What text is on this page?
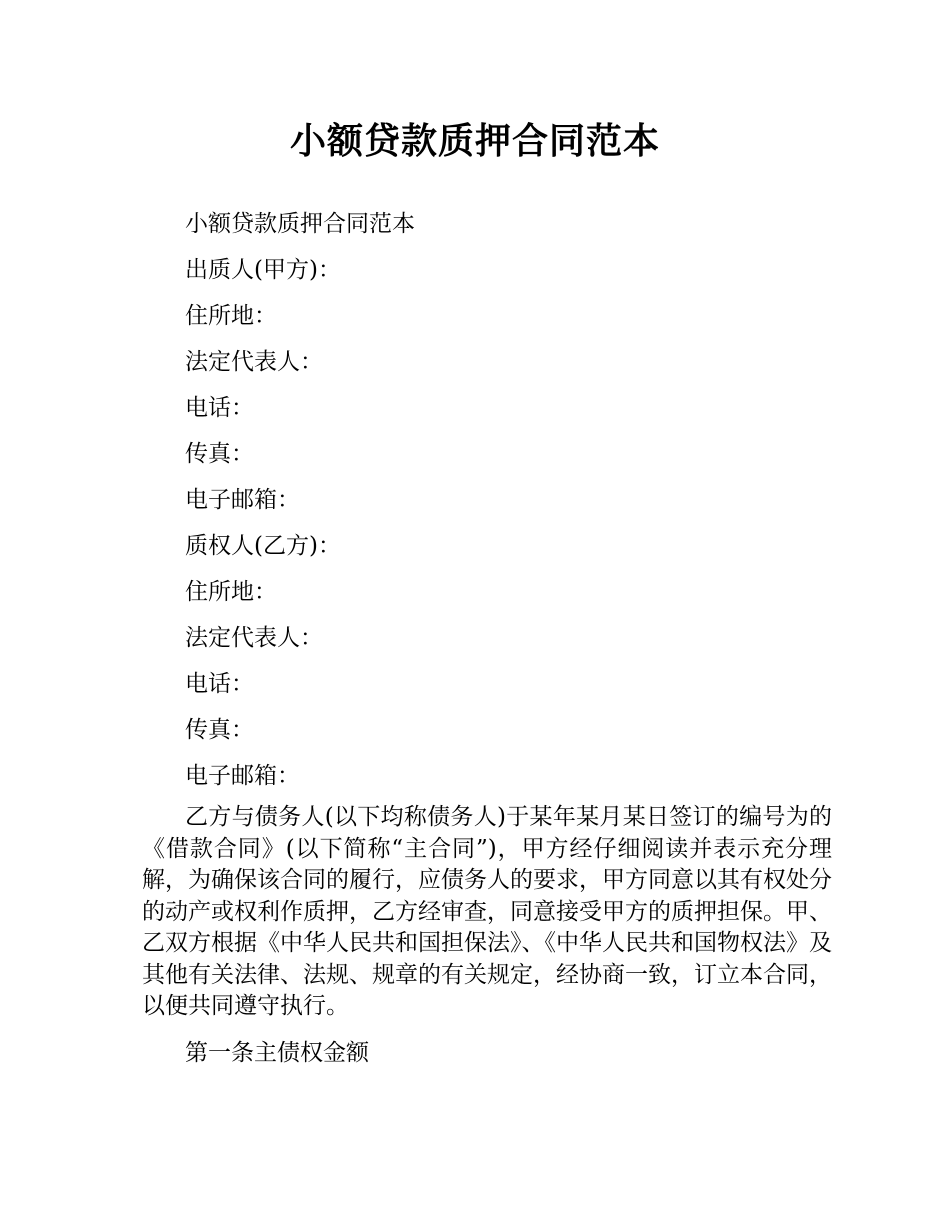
小额贷款质押合同范本
小额贷款质押合同范本
出质人(甲方)：
住所地：
法定代表人：
电话：
传真：
电子邮箱：
质权人(乙方)：
住所地：
法定代表人：
电话：
传真：
电子邮箱：

乙方与债务人(以下均称债务人)于某年某月某日签订的编号为的《借款合同》(以下简称“主合同”)，甲方经仔细阅读并表示充分理解，为确保该合同的履行，应债务人的要求，甲方同意以其有权处分的动产或权利作质押，乙方经审查，同意接受甲方的质押担保。甲、乙双方根据《中华人民共和国担保法》、《中华人民共和国物权法》及其他有关法律、法规、规章的有关规定，经协商一致，订立本合同，以便共同遵守执行。

第一条主债权金额
